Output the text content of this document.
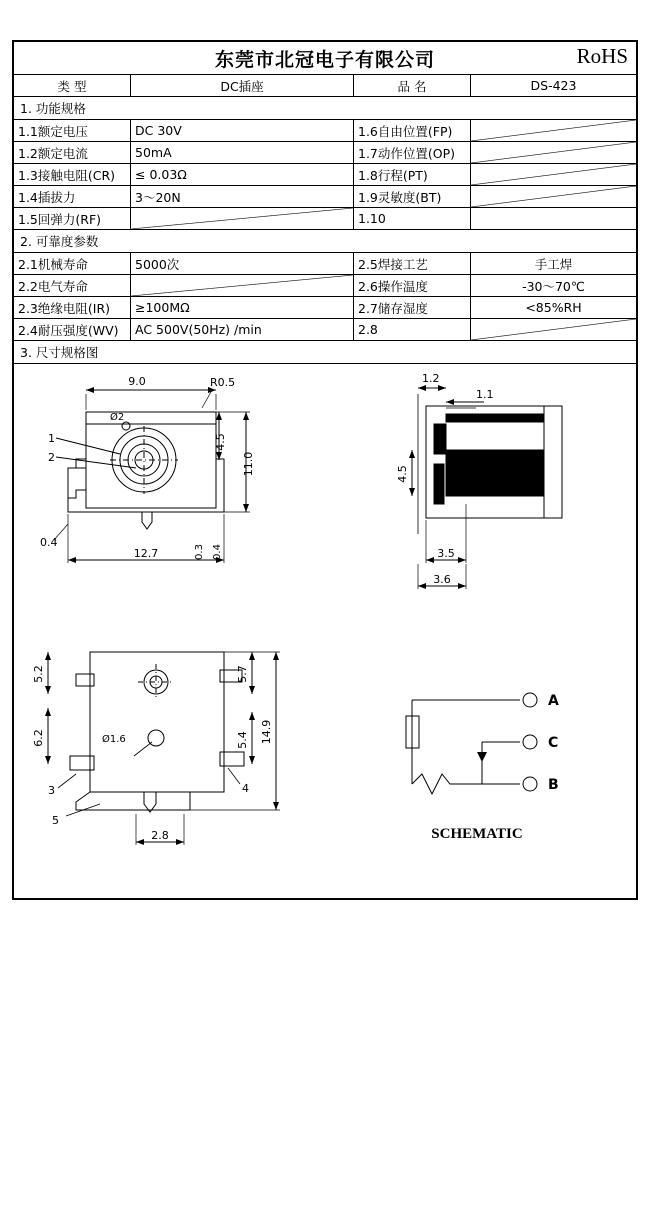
东莞市北冠电子有限公司	RoHS
类 型	DC插座	品 名	DS-423
1. 功能规格
1.1额定电压	DC 30V	1.6自由位置(FP)	
1.2额定电流	50mA	1.7动作位置(OP)	
1.3接触电阻(CR)	≤ 0.03Ω	1.8行程(PT)	
1.4插拔力	3～20N	1.9灵敏度(BT)	
1.5回弹力(RF)		1.10	
2. 可靠度参数
2.1机械寿命	5000次	2.5焊接工艺	手工焊
2.2电气寿命		2.6操作温度	-30～70℃
2.3绝缘电阻(IR)	≥100MΩ	2.7储存湿度	<85%RH
2.4耐压强度(WV)	AC 500V(50Hz) /min	2.8	
3. 尺寸规格图
1
2
Ø2
9.0	R0.5
4.5
11.0
12.7
0.4
0.3 0.4
1.2
1.1
4.5
3.5
3.6
Ø1.6
3	4
5
5.2
6.2
5.7
5.4 14.9
2.8
A
C
B
SCHEMATIC
